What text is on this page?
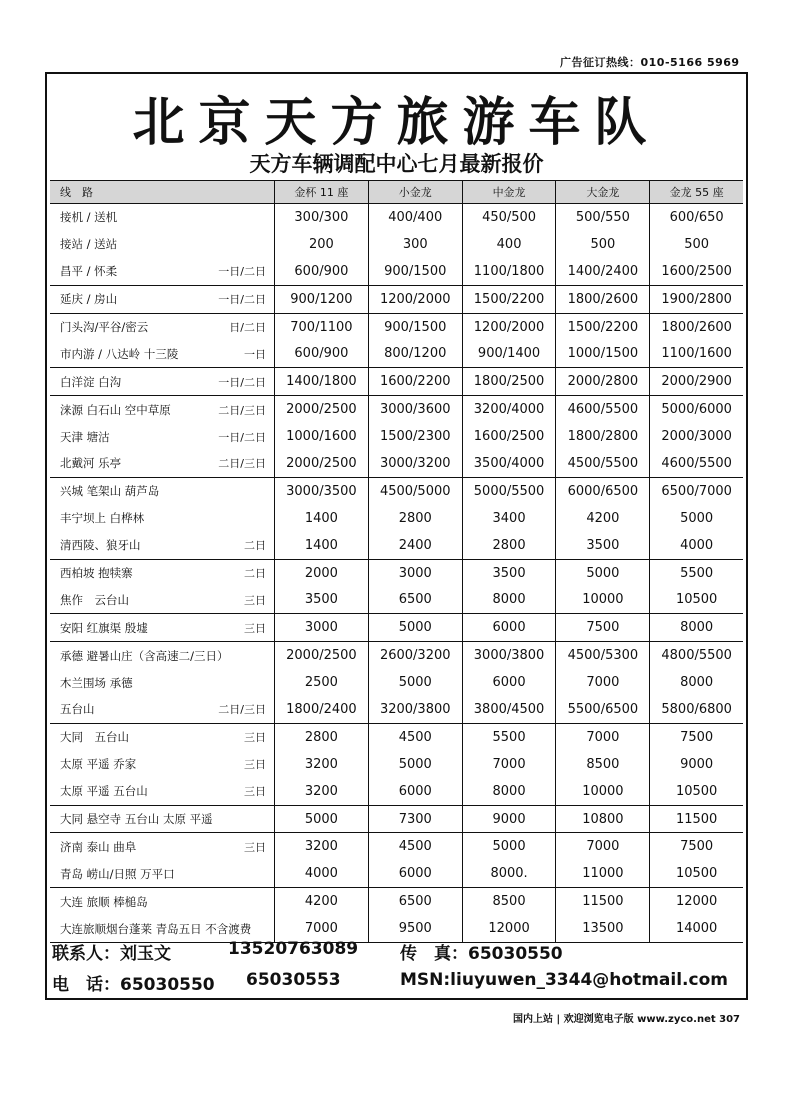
广告征订热线：010-5166 5969
北京天方旅游车队
天方车辆调配中心七月最新报价
线　路	金杯 11 座	小金龙	中金龙	大金龙	金龙 55 座
接机 / 送机	300/300	400/400	450/500	500/550	600/650
接站 / 送站	200	300	400	500	500
昌平 / 怀柔 一日/二日	600/900	900/1500	1100/1800	1400/2400	1600/2500
延庆 / 房山 一日/二日	900/1200	1200/2000	1500/2200	1800/2600	1900/2800
门头沟/平谷/密云 日/二日	700/1100	900/1500	1200/2000	1500/2200	1800/2600
市内游 / 八达岭 十三陵 一日	600/900	800/1200	900/1400	1000/1500	1100/1600
白洋淀 白沟 一日/二日	1400/1800	1600/2200	1800/2500	2000/2800	2000/2900
涞源 白石山 空中草原 二日/三日	2000/2500	3000/3600	3200/4000	4600/5500	5000/6000
天津 塘沽 一日/二日	1000/1600	1500/2300	1600/2500	1800/2800	2000/3000
北戴河 乐亭 二日/三日	2000/2500	3000/3200	3500/4000	4500/5500	4600/5500
兴城 笔架山 葫芦岛	3000/3500	4500/5000	5000/5500	6000/6500	6500/7000
丰宁坝上 白桦林	1400	2800	3400	4200	5000
清西陵、狼牙山 二日	1400	2400	2800	3500	4000
西柏坡 抱犊寨 二日	2000	3000	3500	5000	5500
焦作　云台山 三日	3500	6500	8000	10000	10500
安阳 红旗渠 殷墟 三日	3000	5000	6000	7500	8000
承德 避暑山庄（含高速二/三日）	2000/2500	2600/3200	3000/3800	4500/5300	4800/5500
木兰围场 承德	2500	5000	6000	7000	8000
五台山 二日/三日	1800/2400	3200/3800	3800/4500	5500/6500	5800/6800
大同　五台山 三日	2800	4500	5500	7000	7500
太原 平遥 乔家 三日	3200	5000	7000	8500	9000
太原 平遥 五台山 三日	3200	6000	8000	10000	10500
大同 悬空寺 五台山 太原 平遥	5000	7300	9000	10800	11500
济南 泰山 曲阜 三日	3200	4500	5000	7000	7500
青岛 崂山/日照 万平口	4000	6000	8000.	11000	10500
大连 旅顺 棒槌岛	4200	6500	8500	11500	12000
大连旅顺烟台蓬莱 青岛五日 不含渡费	7000	9500	12000	13500	14000
联系人：刘玉文	13520763089 传　真：65030550
电　话：65030550 65030553	MSN:liuyuwen_3344@hotmail.com
国内上站 | 欢迎浏览电子版 www.zyco.net 307
